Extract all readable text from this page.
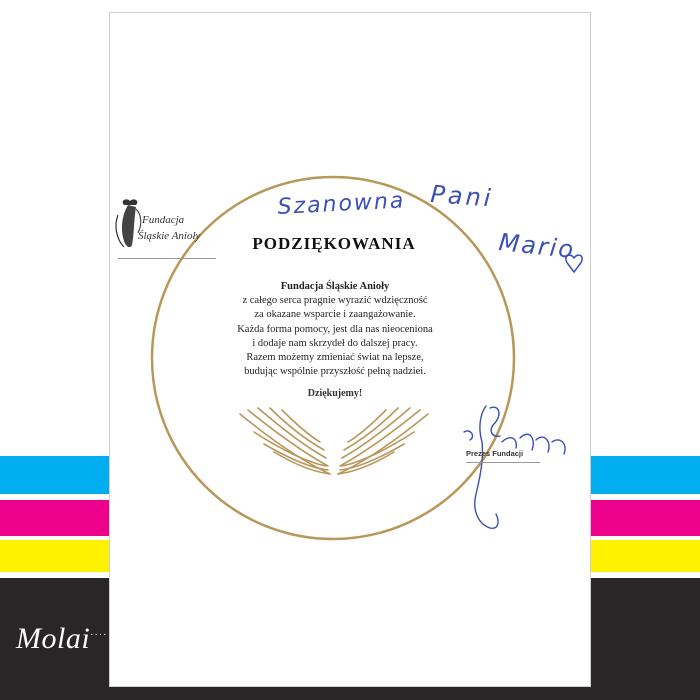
Molai····
Fundacja
Śląskie Anioły
Szanowna Pani
Mario
PODZIĘKOWANIA
Fundacja Śląskie Anioły
z całego serca pragnie wyrazić wdzięczność
za okazane wsparcie i zaangażowanie.
Każda forma pomocy, jest dla nas nieoceniona
i dodaje nam skrzydeł do dalszej pracy.
Razem możemy zmieniać świat na lepsze,
budując wspólnie przyszłość pełną nadziei.
Dziękujemy!
Prezes Fundacji
